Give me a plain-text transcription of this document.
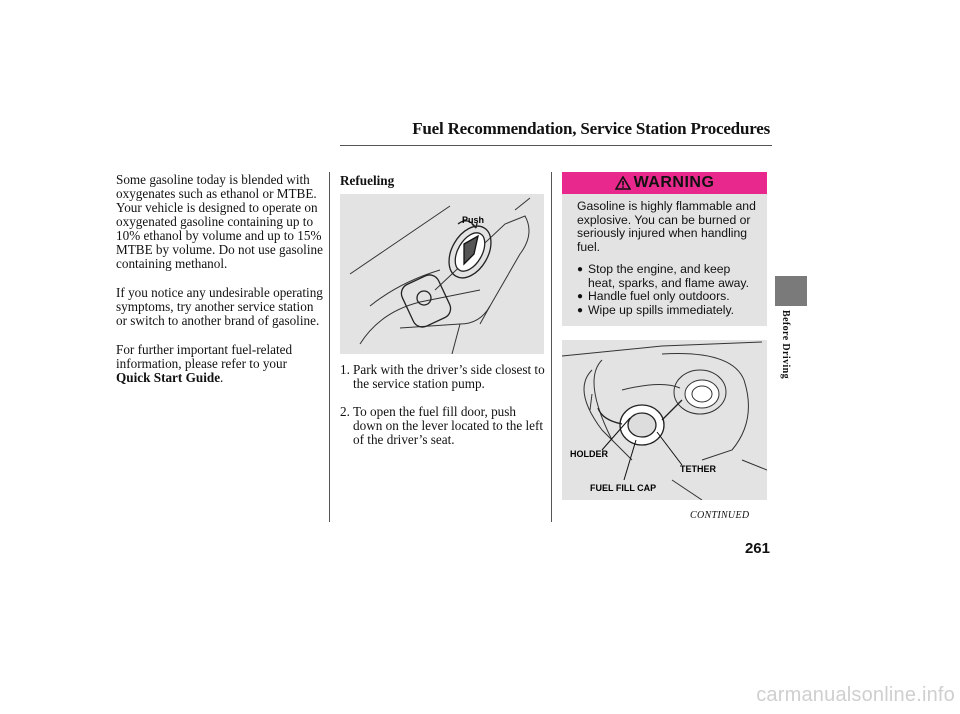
Fuel Recommendation, Service Station Procedures

Some gasoline today is blended with oxygenates such as ethanol or MTBE. Your vehicle is designed to operate on oxygenated gasoline containing up to 10% ethanol by volume and up to 15% MTBE by volume. Do not use gasoline containing methanol.

If you notice any undesirable operating symptoms, try another service station or switch to another brand of gasoline.

For further important fuel-related information, please refer to your Quick Start Guide.

Refueling
Push
1. Park with the driver’s side closest to the service station pump.
2. To open the fuel fill door, push down on the lever located to the left of the driver’s seat.
WARNING
Gasoline is highly flammable and explosive. You can be burned or seriously injured when handling fuel.
● Stop the engine, and keep heat, sparks, and flame away.
● Handle fuel only outdoors.
● Wipe up spills immediately.
HOLDER
TETHER
FUEL FILL CAP
CONTINUED
Before Driving
261
carmanualsonline.info
